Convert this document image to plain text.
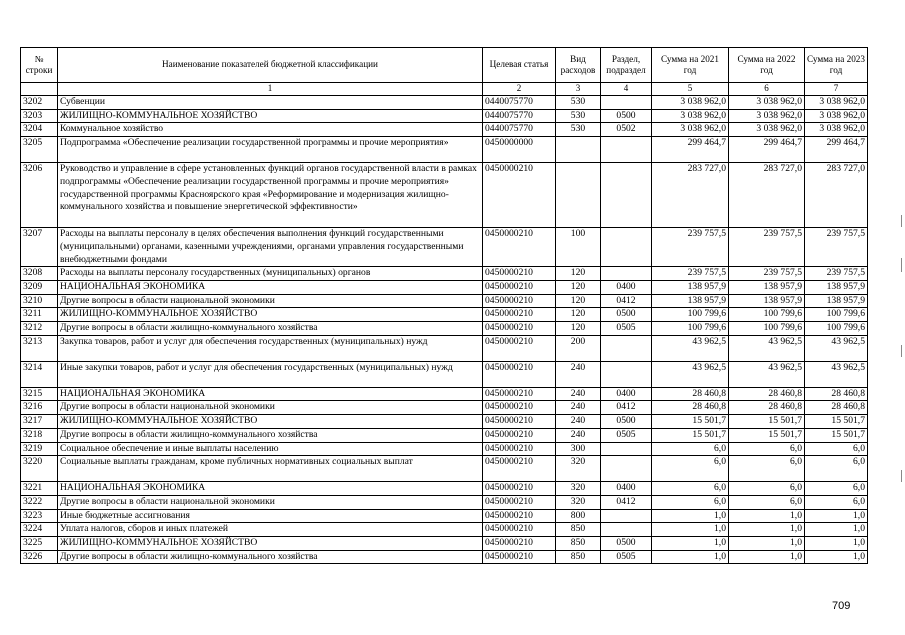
№ строки	Наименование показателей бюджетной классификации	Целевая статья	Вид расходов	Раздел, подраздел	Сумма на 2021 год	Сумма на 2022 год	Сумма на 2023 год
	1	2	3	4	5	6	7
3202	Субвенции	0440075770	530		3 038 962,0	3 038 962,0	3 038 962,0
3203	ЖИЛИЩНО-КОММУНАЛЬНОЕ ХОЗЯЙСТВО	0440075770	530	0500	3 038 962,0	3 038 962,0	3 038 962,0
3204	Коммунальное хозяйство	0440075770	530	0502	3 038 962,0	3 038 962,0	3 038 962,0
3205	Подпрограмма «Обеспечение реализации государственной программы и прочие мероприятия»	0450000000			299 464,7	299 464,7	299 464,7
3206	Руководство и управление в сфере установленных функций органов государственной власти в рамках подпрограммы «Обеспечение реализации государственной программы и прочие мероприятия» государственной программы Красноярского края «Реформирование и модернизация жилищно-коммунального хозяйства и повышение энергетической эффективности»	0450000210			283 727,0	283 727,0	283 727,0
3207	Расходы на выплаты персоналу в целях обеспечения выполнения функций государственными (муниципальными) органами, казенными учреждениями, органами управления государственными внебюджетными фондами	0450000210	100		239 757,5	239 757,5	239 757,5
3208	Расходы на выплаты персоналу государственных (муниципальных) органов	0450000210	120		239 757,5	239 757,5	239 757,5
3209	НАЦИОНАЛЬНАЯ ЭКОНОМИКА	0450000210	120	0400	138 957,9	138 957,9	138 957,9
3210	Другие вопросы в области национальной экономики	0450000210	120	0412	138 957,9	138 957,9	138 957,9
3211	ЖИЛИЩНО-КОММУНАЛЬНОЕ ХОЗЯЙСТВО	0450000210	120	0500	100 799,6	100 799,6	100 799,6
3212	Другие вопросы в области жилищно-коммунального хозяйства	0450000210	120	0505	100 799,6	100 799,6	100 799,6
3213	Закупка товаров, работ и услуг для обеспечения государственных (муниципальных) нужд	0450000210	200		43 962,5	43 962,5	43 962,5
3214	Иные закупки товаров, работ и услуг для обеспечения государственных (муниципальных) нужд	0450000210	240		43 962,5	43 962,5	43 962,5
3215	НАЦИОНАЛЬНАЯ ЭКОНОМИКА	0450000210	240	0400	28 460,8	28 460,8	28 460,8
3216	Другие вопросы в области национальной экономики	0450000210	240	0412	28 460,8	28 460,8	28 460,8
3217	ЖИЛИЩНО-КОММУНАЛЬНОЕ ХОЗЯЙСТВО	0450000210	240	0500	15 501,7	15 501,7	15 501,7
3218	Другие вопросы в области жилищно-коммунального хозяйства	0450000210	240	0505	15 501,7	15 501,7	15 501,7
3219	Социальное обеспечение и иные выплаты населению	0450000210	300		6,0	6,0	6,0
3220	Социальные выплаты гражданам, кроме публичных нормативных социальных выплат	0450000210	320		6,0	6,0	6,0
3221	НАЦИОНАЛЬНАЯ ЭКОНОМИКА	0450000210	320	0400	6,0	6,0	6,0
3222	Другие вопросы в области национальной экономики	0450000210	320	0412	6,0	6,0	6,0
3223	Иные бюджетные ассигнования	0450000210	800		1,0	1,0	1,0
3224	Уплата налогов, сборов и иных платежей	0450000210	850		1,0	1,0	1,0
3225	ЖИЛИЩНО-КОММУНАЛЬНОЕ ХОЗЯЙСТВО	0450000210	850	0500	1,0	1,0	1,0
3226	Другие вопросы в области жилищно-коммунального хозяйства	0450000210	850	0505	1,0	1,0	1,0
709
